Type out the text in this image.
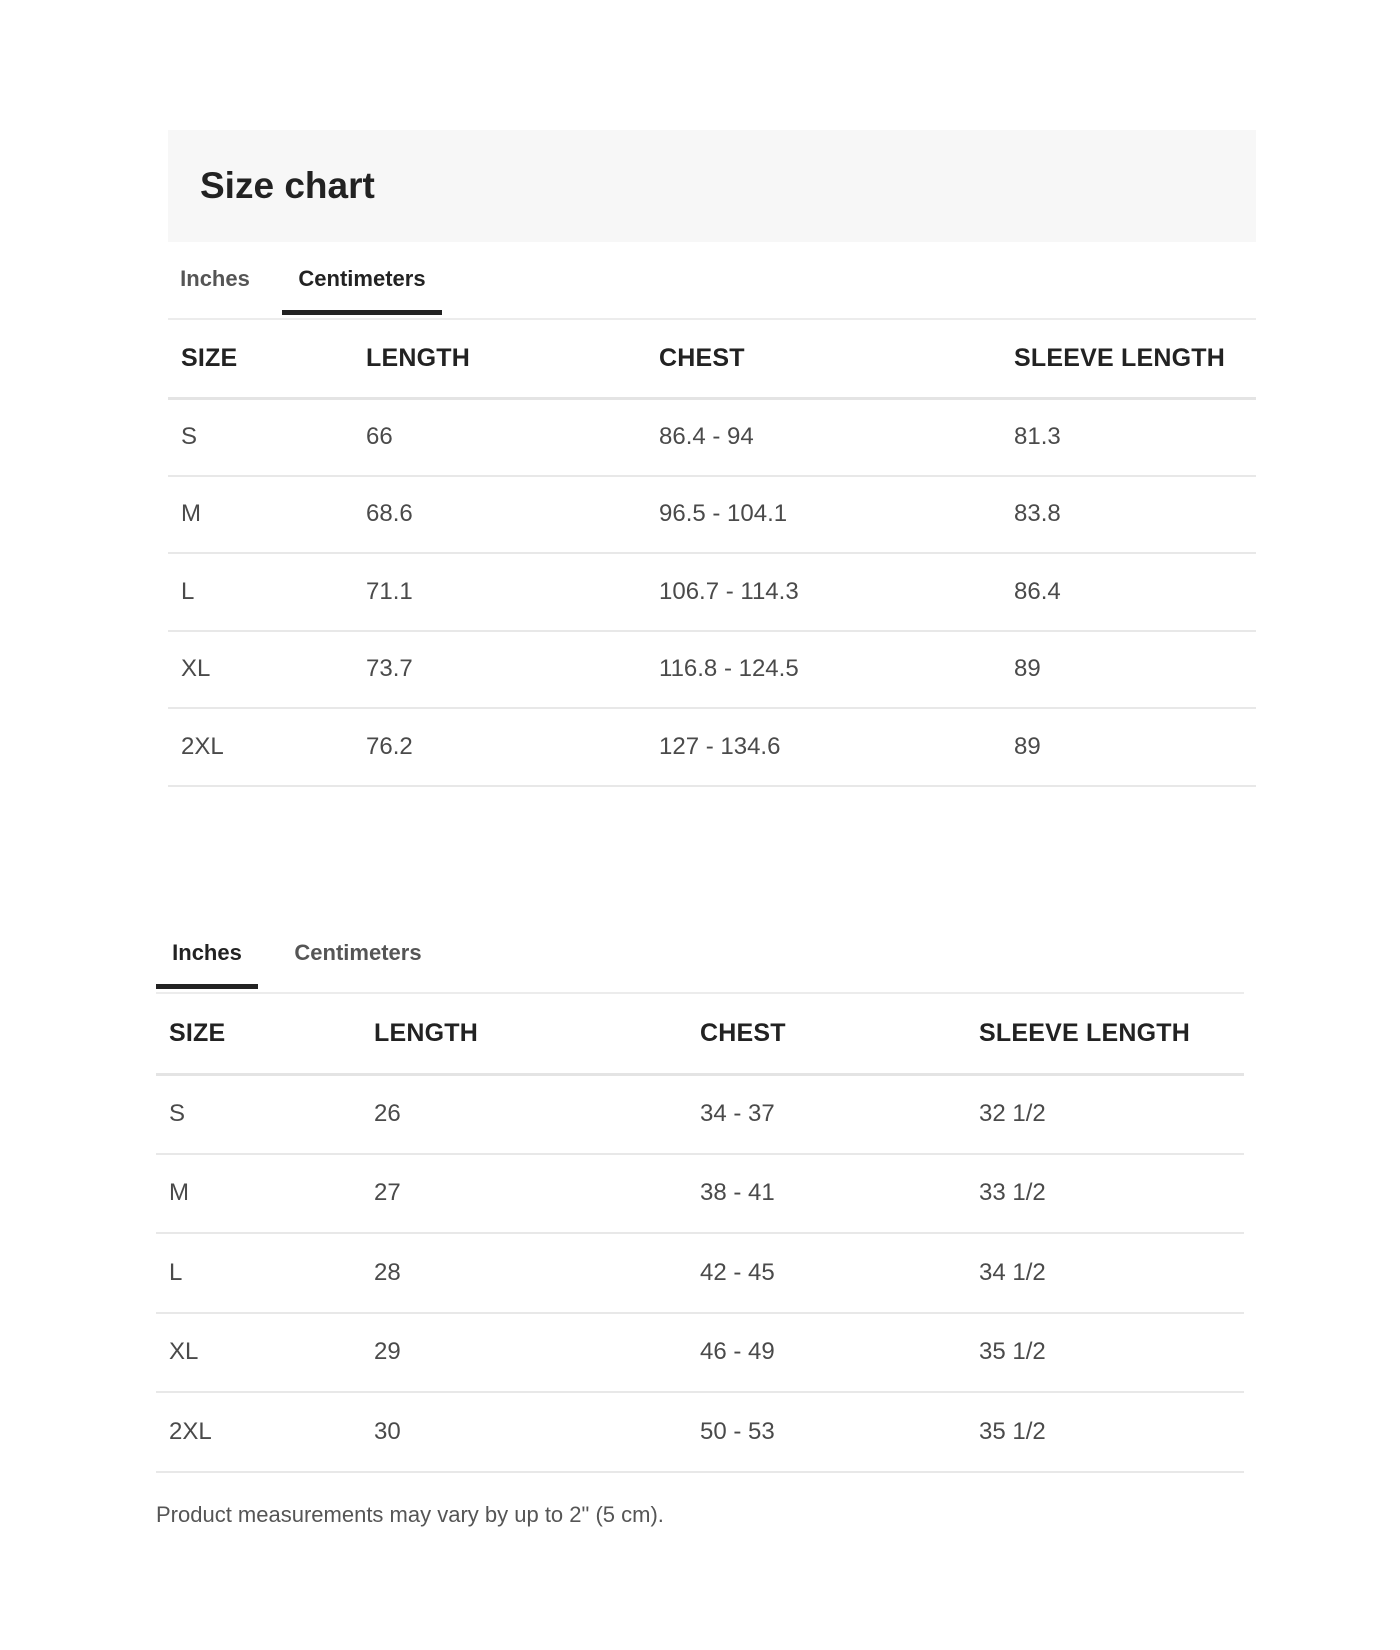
Size chart
Inches	Centimeters
SIZE	LENGTH	CHEST	SLEEVE LENGTH
S	66	86.4 - 94	81.3
M	68.6	96.5 - 104.1	83.8
L	71.1	106.7 - 114.3	86.4
XL	73.7	116.8 - 124.5	89
2XL	76.2	127 - 134.6	89
Inches	Centimeters
SIZE	LENGTH	CHEST	SLEEVE LENGTH
S	26	34 - 37	32 1/2
M	27	38 - 41	33 1/2
L	28	42 - 45	34 1/2
XL	29	46 - 49	35 1/2
2XL	30	50 - 53	35 1/2

Product measurements may vary by up to 2" (5 cm).
